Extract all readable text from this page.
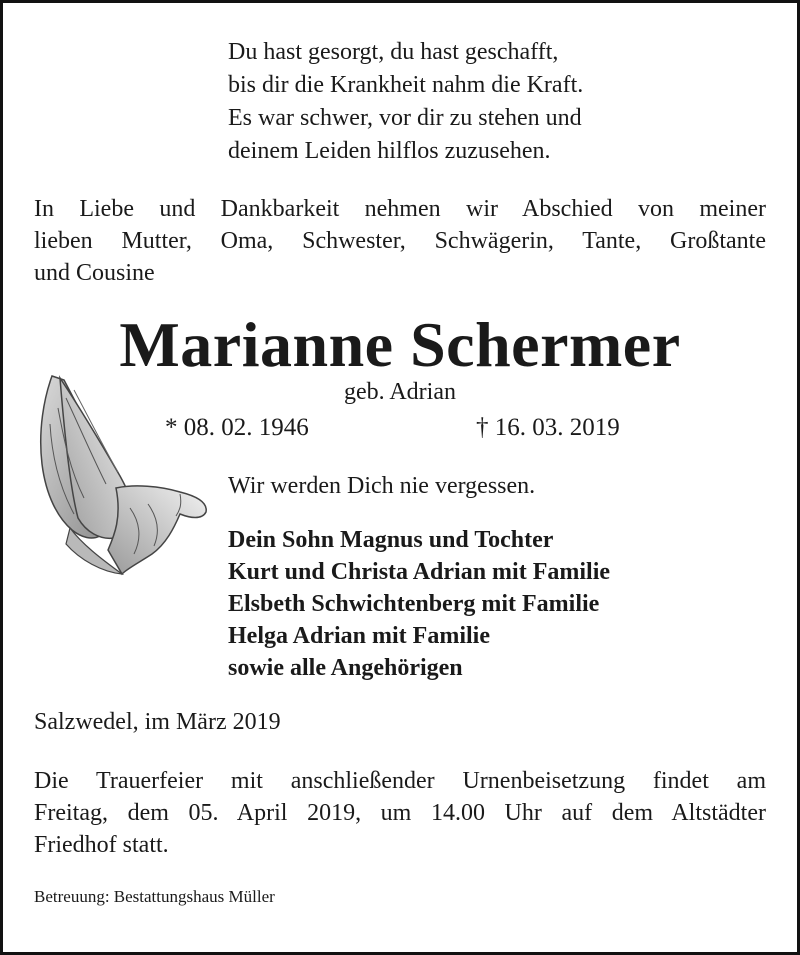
Du hast gesorgt, du hast geschafft,
bis dir die Krankheit nahm die Kraft.
Es war schwer, vor dir zu stehen und
deinem Leiden hilflos zuzusehen.
In Liebe und Dankbarkeit nehmen wir Abschied von meiner
lieben Mutter, Oma, Schwester, Schwägerin, Tante, Großtante
und Cousine
Marianne Schermer
geb. Adrian
* 08. 02. 1946	† 16. 03. 2019
Wir werden Dich nie vergessen.
Dein Sohn Magnus und Tochter
Kurt und Christa Adrian mit Familie
Elsbeth Schwichtenberg mit Familie
Helga Adrian mit Familie
sowie alle Angehörigen
Salzwedel, im März 2019
Die Trauerfeier mit anschließender Urnenbeisetzung findet am
Freitag, dem 05. April 2019, um 14.00 Uhr auf dem Altstädter
Friedhof statt.
Betreuung: Bestattungshaus Müller
